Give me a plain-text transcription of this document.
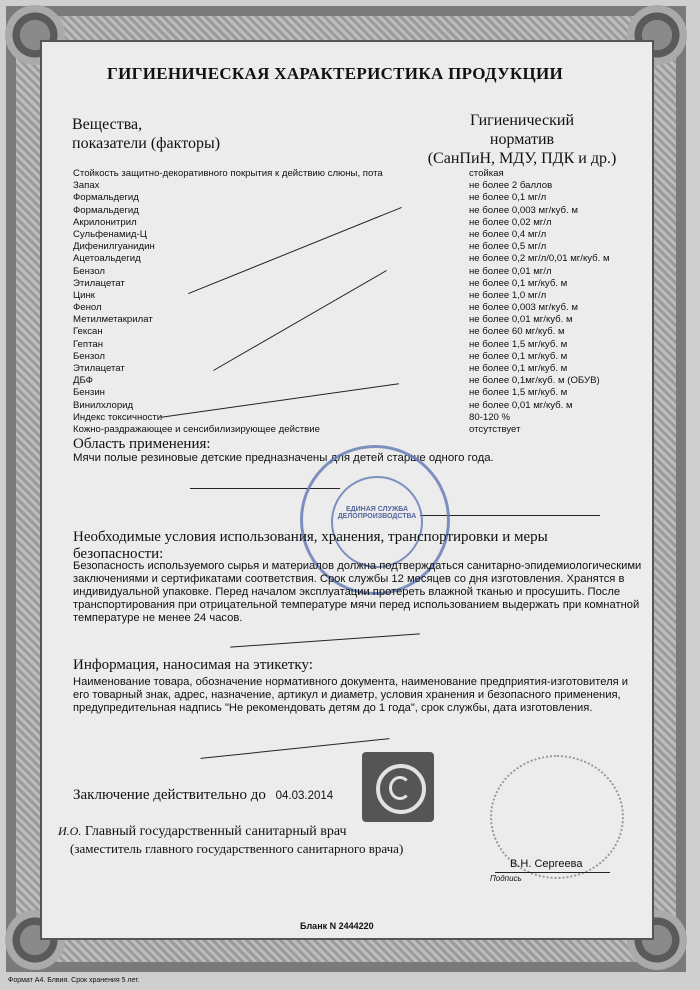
ГИГИЕНИЧЕСКАЯ ХАРАКТЕРИСТИКА ПРОДУКЦИИ
Вещества,
показатели (факторы)
Гигиенический
норматив
(СанПиН, МДУ, ПДК и др.)
Стойкость защитно-декоративного покрытия к действию слюны, пота	стойкая
Запах	не более 2 баллов
Формальдегид	не более 0,1 мг/л
Формальдегид	не более 0,003 мг/куб. м
Акрилонитрил	не более 0,02 мг/л
Сульфенамид-Ц	не более 0,4 мг/л
Дифенилгуанидин	не более 0,5 мг/л
Ацетоальдегид	не более 0,2 мг/л/0,01 мг/куб. м
Бензол	не более 0,01 мг/л
Этилацетат	не более 0,1 мг/куб. м
Цинк	не более 1,0 мг/л
Фенол	не более 0,003 мг/куб. м
Метилметакрилат	не более 0,01 мг/куб. м
Гексан	не более 60 мг/куб. м
Гептан	не более 1,5 мг/куб. м
Бензол	не более 0,1 мг/куб. м
Этилацетат	не более 0,1 мг/куб. м
ДБФ	не более 0,1мг/куб. м (ОБУВ)
Бензин	не более 1,5 мг/куб. м
Винилхлорид	не более 0,01 мг/куб. м
Индекс токсичности	80-120 %
Кожно-раздражающее и сенсибилизирующее действие	отсутствует
Область применения:
Мячи полые резиновые детские предназначены для детей старше одного года.
ЕДИНАЯ СЛУЖБА
ДЕЛОПРОИЗВОДСТВА
Необходимые условия использования, хранения, транспортировки и меры
безопасности:
Безопасность используемого сырья и материалов должна подтверждаться санитарно-эпидемиологическими заключениями и сертификатами соответствия. Срок службы 12 месяцев со дня изготовления. Хранятся в индивидуальной упаковке. Перед началом эксплуатации протереть влажной тканью и просушить. После транспортирования при отрицательной температуре мячи перед использованием выдержать при комнатной температуре не менее 24 часов.
Информация, наносимая на этикетку:
Наименование товара, обозначение нормативного документа, наименование предприятия-изготовителя и его товарный знак, адрес, назначение, артикул и диаметр, условия хранения и безопасного применения, предупредительная надпись "Не рекомендовать детям до 1 года", срок службы, дата изготовления.
Заключение действительно до 04.03.2014
И.О. Главный государственный санитарный врач
(заместитель главного государственного санитарного врача)
В.Н. Сергеева
Подпись
Бланк N 2444220
Формат А4. Блвия. Срок хранения 5 лет.
